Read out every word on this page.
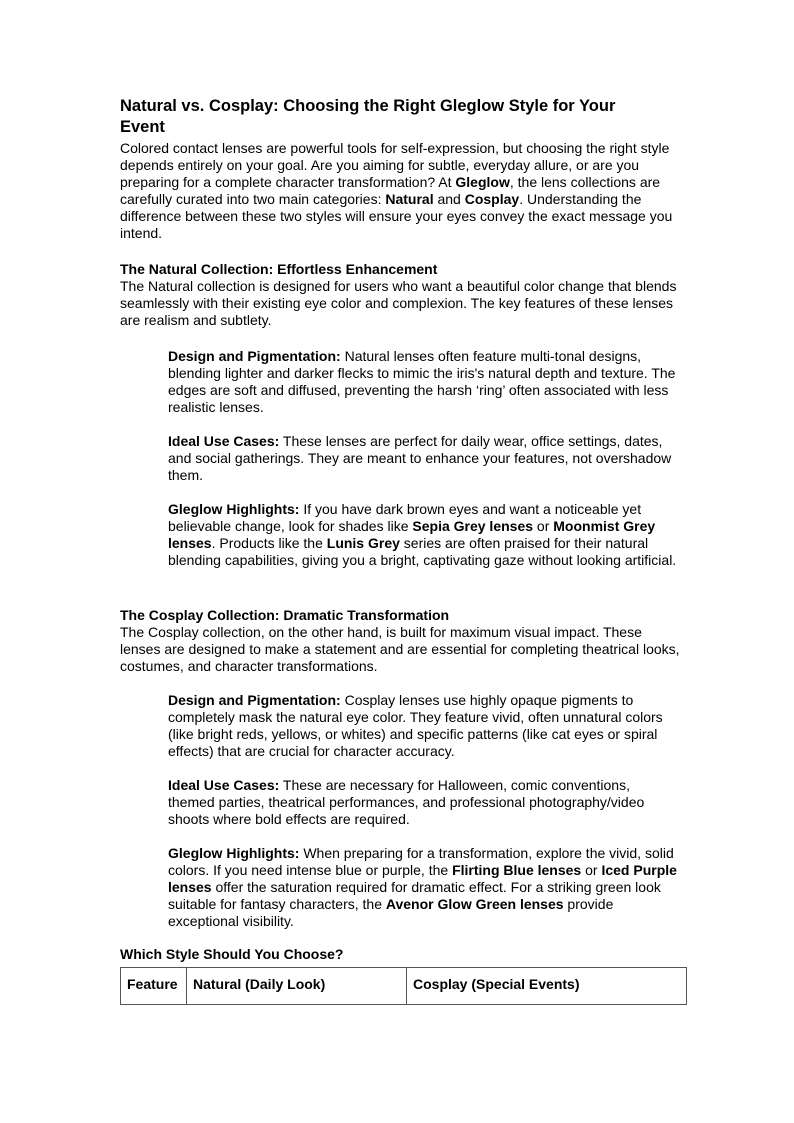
Natural vs. Cosplay: Choosing the Right Gleglow Style for Your Event

Colored contact lenses are powerful tools for self-expression, but choosing the right style depends entirely on your goal. Are you aiming for subtle, everyday allure, or are you preparing for a complete character transformation? At Gleglow, the lens collections are carefully curated into two main categories: Natural and Cosplay. Understanding the difference between these two styles will ensure your eyes convey the exact message you intend.

The Natural Collection: Effortless Enhancement

The Natural collection is designed for users who want a beautiful color change that blends seamlessly with their existing eye color and complexion. The key features of these lenses are realism and subtlety.

Design and Pigmentation: Natural lenses often feature multi-tonal designs, blending lighter and darker flecks to mimic the iris's natural depth and texture. The edges are soft and diffused, preventing the harsh ‘ring’ often associated with less realistic lenses.

Ideal Use Cases: These lenses are perfect for daily wear, office settings, dates, and social gatherings. They are meant to enhance your features, not overshadow them.

Gleglow Highlights: If you have dark brown eyes and want a noticeable yet believable change, look for shades like Sepia Grey lenses or Moonmist Grey lenses. Products like the Lunis Grey series are often praised for their natural blending capabilities, giving you a bright, captivating gaze without looking artificial.

The Cosplay Collection: Dramatic Transformation

The Cosplay collection, on the other hand, is built for maximum visual impact. These lenses are designed to make a statement and are essential for completing theatrical looks, costumes, and character transformations.

Design and Pigmentation: Cosplay lenses use highly opaque pigments to completely mask the natural eye color. They feature vivid, often unnatural colors (like bright reds, yellows, or whites) and specific patterns (like cat eyes or spiral effects) that are crucial for character accuracy.

Ideal Use Cases: These are necessary for Halloween, comic conventions, themed parties, theatrical performances, and professional photography/video shoots where bold effects are required.

Gleglow Highlights: When preparing for a transformation, explore the vivid, solid colors. If you need intense blue or purple, the Flirting Blue lenses or Iced Purple lenses offer the saturation required for dramatic effect. For a striking green look suitable for fantasy characters, the Avenor Glow Green lenses provide exceptional visibility.

Which Style Should You Choose?
Feature	Natural (Daily Look)	Cosplay (Special Events)
